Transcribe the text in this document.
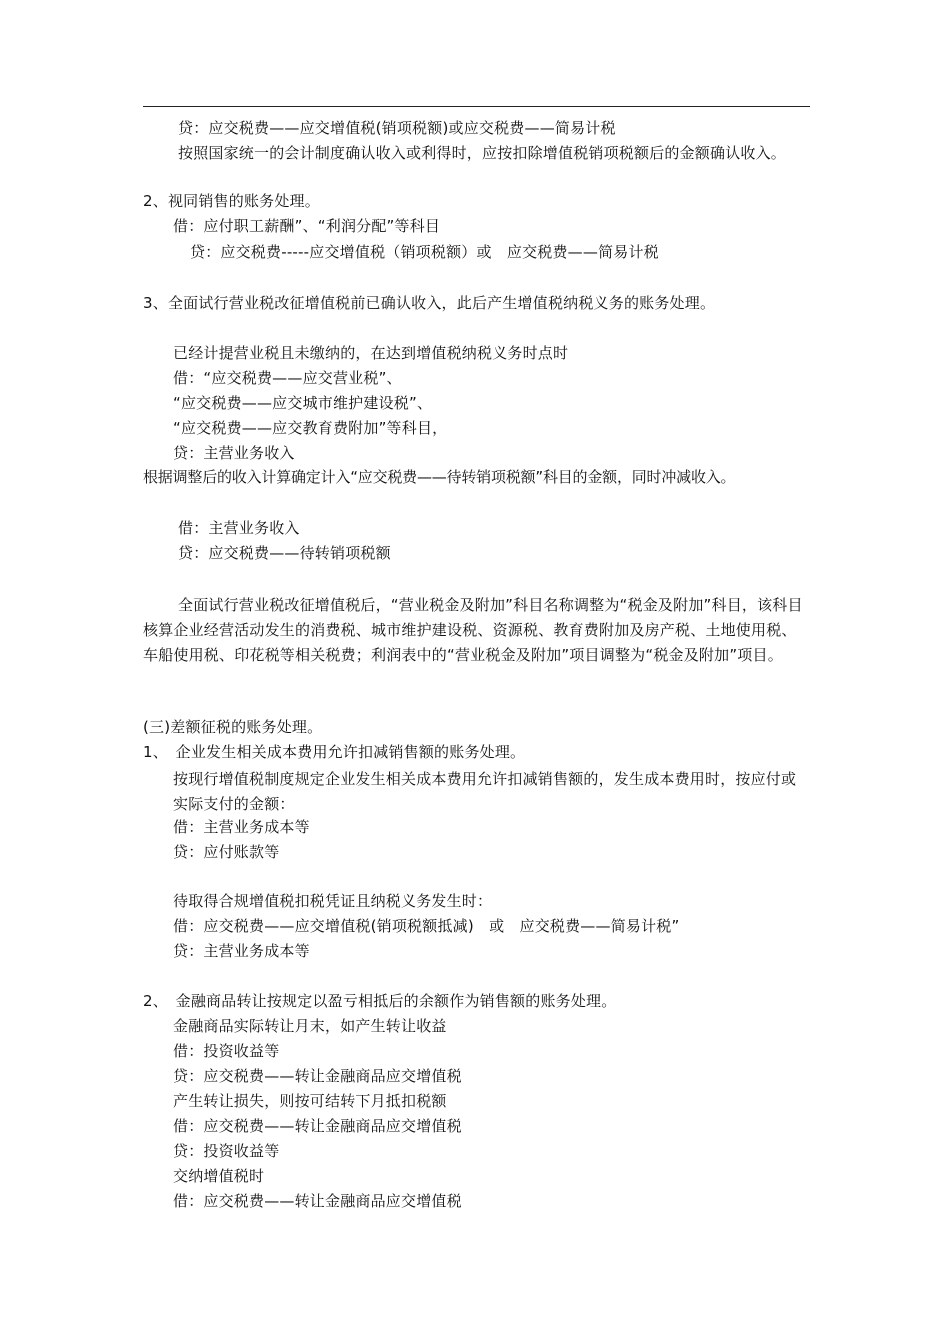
贷：应交税费——应交增值税(销项税额)或应交税费——简易计税
按照国家统一的会计制度确认收入或利得时，应按扣除增值税销项税额后的金额确认收入。
2、视同销售的账务处理。
借：应付职工薪酬”、“利润分配”等科目
贷：应交税费-----应交增值税（销项税额）或　应交税费——简易计税
3、全面试行营业税改征增值税前已确认收入，此后产生增值税纳税义务的账务处理。
已经计提营业税且未缴纳的，在达到增值税纳税义务时点时
借：“应交税费——应交营业税”、
“应交税费——应交城市维护建设税”、
“应交税费——应交教育费附加”等科目，
贷：主营业务收入
根据调整后的收入计算确定计入“应交税费——待转销项税额”科目的金额，同时冲减收入。
借：主营业务收入
贷：应交税费——待转销项税额
全面试行营业税改征增值税后，“营业税金及附加”科目名称调整为“税金及附加”科目，该科目核算企业经营活动发生的消费税、城市维护建设税、资源税、教育费附加及房产税、土地使用税、车船使用税、印花税等相关税费；利润表中的“营业税金及附加”项目调整为“税金及附加”项目。
(三)差额征税的账务处理。
1、　企业发生相关成本费用允许扣减销售额的账务处理。
按现行增值税制度规定企业发生相关成本费用允许扣减销售额的，发生成本费用时，按应付或实际支付的金额：
借：主营业务成本等
贷：应付账款等
待取得合规增值税扣税凭证且纳税义务发生时：
借：应交税费——应交增值税(销项税额抵减)　或　应交税费——简易计税”
贷：主营业务成本等
2、　金融商品转让按规定以盈亏相抵后的余额作为销售额的账务处理。
金融商品实际转让月末，如产生转让收益
借：投资收益等
贷：应交税费——转让金融商品应交增值税
产生转让损失，则按可结转下月抵扣税额
借：应交税费——转让金融商品应交增值税
贷：投资收益等
交纳增值税时
借：应交税费——转让金融商品应交增值税
